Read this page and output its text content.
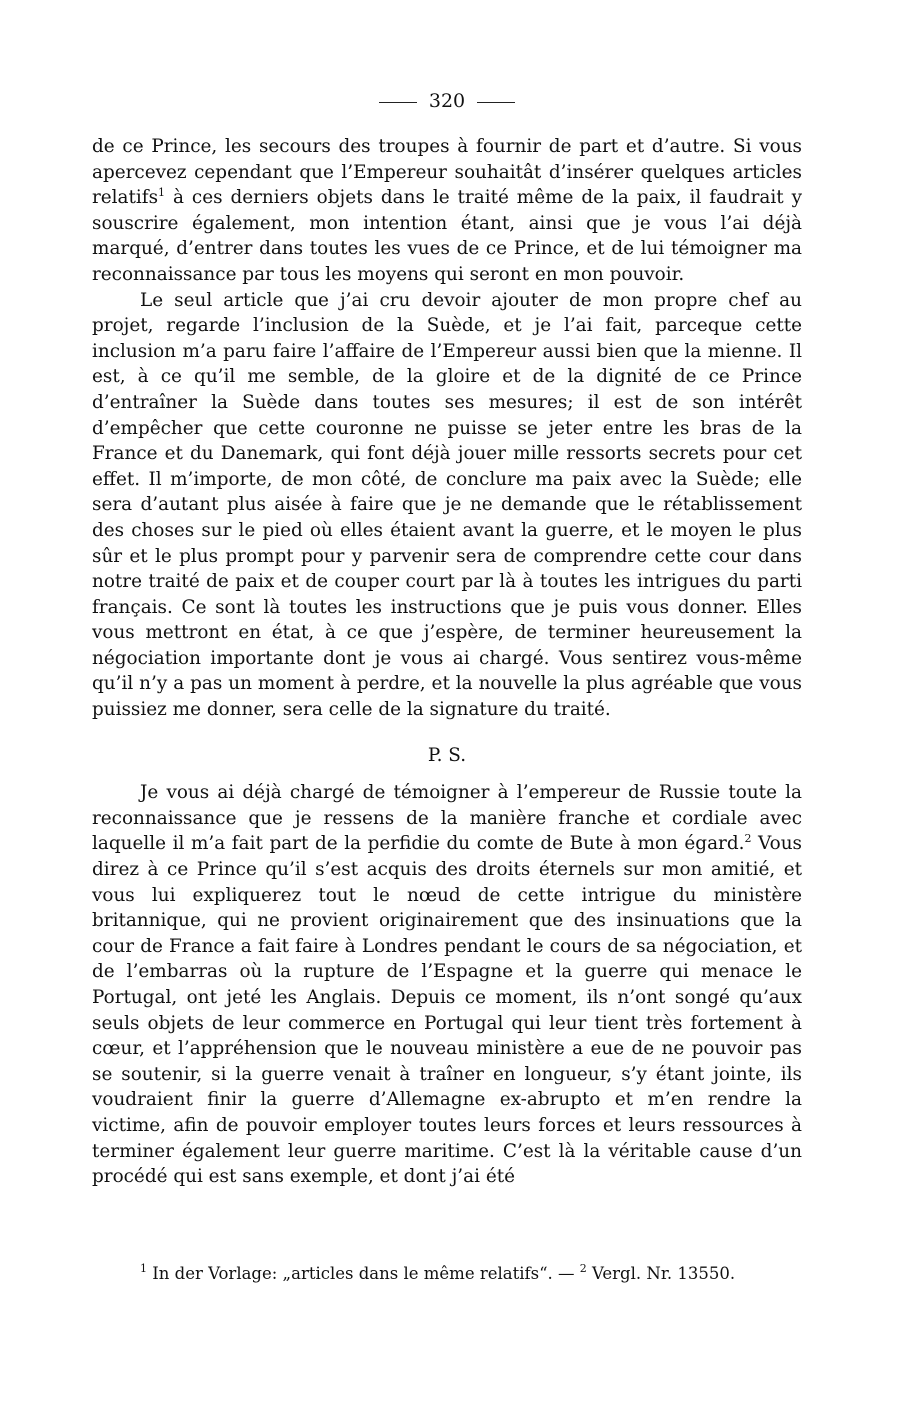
320

de ce Prince, les secours des troupes à fournir de part et d’autre. Si vous apercevez cependant que l’Empereur souhaitât d’insérer quelques articles relatifs$^1$ à ces derniers objets dans le traité même de la paix, il faudrait y souscrire également, mon intention étant, ainsi que je vous l’ai déjà marqué, d’entrer dans toutes les vues de ce Prince, et de lui témoigner ma reconnaissance par tous les moyens qui seront en mon pouvoir.

Le seul article que j’ai cru devoir ajouter de mon propre chef au projet, regarde l’inclusion de la Suède, et je l’ai fait, parceque cette inclusion m’a paru faire l’affaire de l’Empereur aussi bien que la mienne. Il est, à ce qu’il me semble, de la gloire et de la dignité de ce Prince d’entraîner la Suède dans toutes ses mesures; il est de son intérêt d’empêcher que cette couronne ne puisse se jeter entre les bras de la France et du Danemark, qui font déjà jouer mille ressorts secrets pour cet effet. Il m’importe, de mon côté, de conclure ma paix avec la Suède; elle sera d’autant plus aisée à faire que je ne demande que le rétablissement des choses sur le pied où elles étaient avant la guerre, et le moyen le plus sûr et le plus prompt pour y parvenir sera de comprendre cette cour dans notre traité de paix et de couper court par là à toutes les intrigues du parti français. Ce sont là toutes les instructions que je puis vous donner. Elles vous mettront en état, à ce que j’espère, de terminer heureusement la négociation importante dont je vous ai chargé. Vous sentirez vous-même qu’il n’y a pas un moment à perdre, et la nouvelle la plus agréable que vous puissiez me donner, sera celle de la signature du traité.

P. S.

Je vous ai déjà chargé de témoigner à l’empereur de Russie toute la reconnaissance que je ressens de la manière franche et cordiale avec laquelle il m’a fait part de la perfidie du comte de Bute à mon égard.$^2$ Vous direz à ce Prince qu’il s’est acquis des droits éternels sur mon amitié, et vous lui expliquerez tout le nœud de cette intrigue du ministère britannique, qui ne provient originairement que des insinuations que la cour de France a fait faire à Londres pendant le cours de sa négociation, et de l’embarras où la rupture de l’Espagne et la guerre qui menace le Portugal, ont jeté les Anglais. Depuis ce moment, ils n’ont songé qu’aux seuls objets de leur commerce en Portugal qui leur tient très fortement à cœur, et l’appréhension que le nouveau ministère a eue de ne pouvoir pas se soutenir, si la guerre venait à traîner en longueur, s’y étant jointe, ils voudraient finir la guerre d’Allemagne ex-abrupto et m’en rendre la victime, afin de pouvoir employer toutes leurs forces et leurs ressources à terminer également leur guerre maritime. C’est là la véritable cause d’un procédé qui est sans exemple, et dont j’ai été

$^1$ In der Vorlage: „articles dans le même relatifs“. — $^2$ Vergl. Nr. 13550.
